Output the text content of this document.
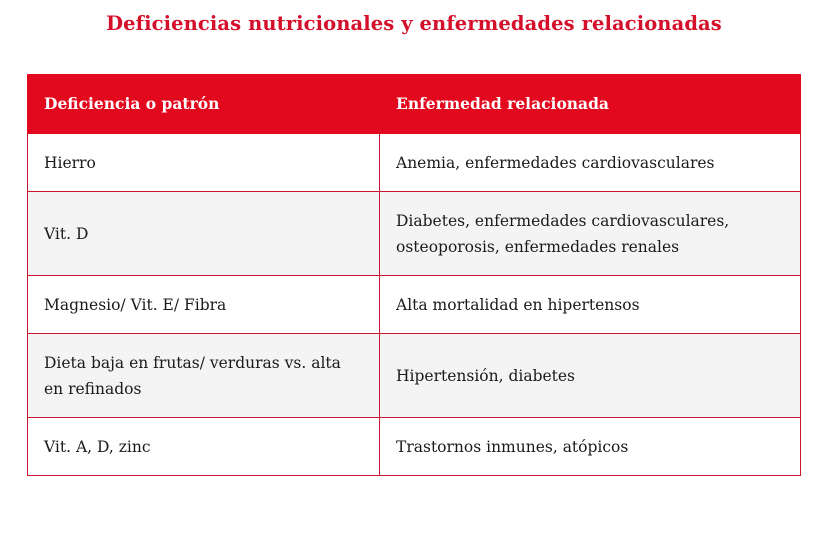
Deficiencias nutricionales y enfermedades relacionadas
Deficiencia o patrón	Enfermedad relacionada
Hierro	Anemia, enfermedades cardiovasculares
Vit. D	Diabetes, enfermedades cardiovasculares, osteoporosis, enfermedades renales
Magnesio/ Vit. E/ Fibra	Alta mortalidad en hipertensos
Dieta baja en frutas/ verduras vs. alta en refinados	Hipertensión, diabetes
Vit. A, D, zinc	Trastornos inmunes, atópicos
